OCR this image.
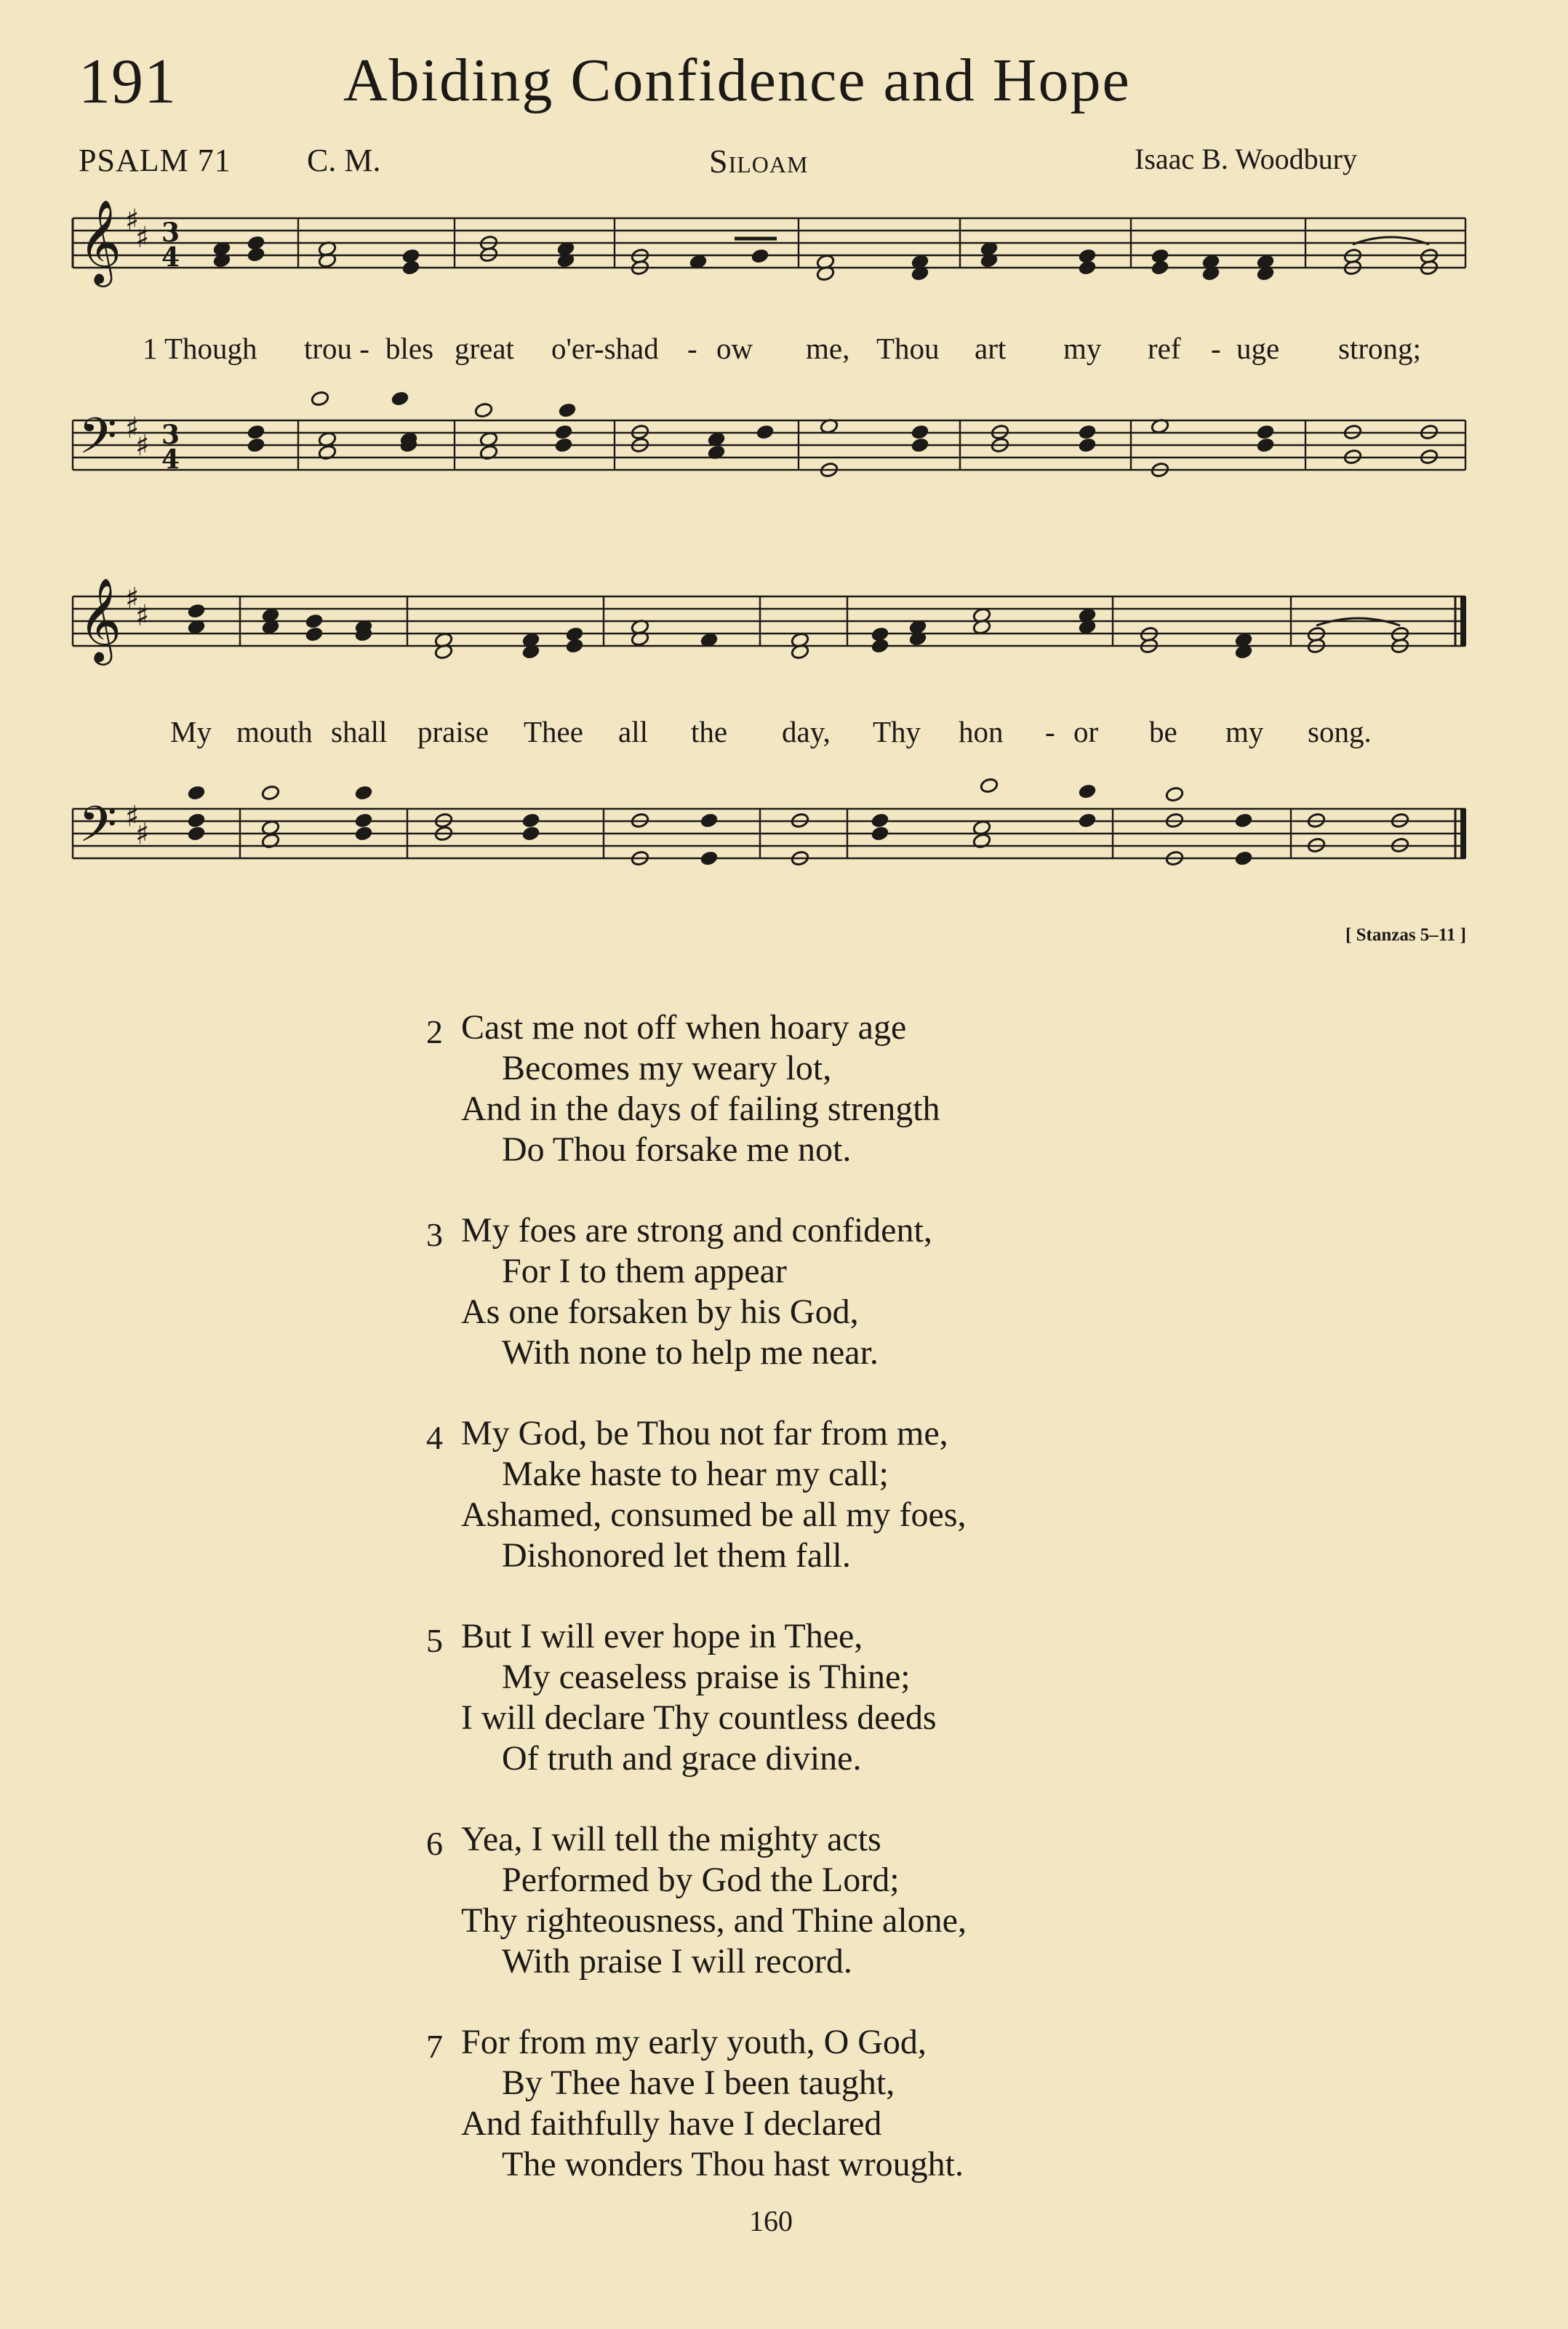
191	Abiding Confidence and Hope
PSALM 71 C. M.	Siloam	Isaac B. Woodbury
𝄞
𝄢
♯
♯
♯
♯
3
4
3
4
𝄞
𝄢
♯
♯
♯
♯
1 Though trou - bles great o'er-shad - ow me, Thou art my ref - uge strong;
My mouth shall praise Thee all the day, Thy hon - or be my song.
[ Stanzas 5–11 ]
2 Cast me not off when hoary age
Becomes my weary lot,
And in the days of failing strength
Do Thou forsake me not.
3 My foes are strong and confident,
For I to them appear
As one forsaken by his God,
With none to help me near.
4 My God, be Thou not far from me,
Make haste to hear my call;
Ashamed, consumed be all my foes,
Dishonored let them fall.
5 But I will ever hope in Thee,
My ceaseless praise is Thine;
I will declare Thy countless deeds
Of truth and grace divine.
6 Yea, I will tell the mighty acts
Performed by God the Lord;
Thy righteousness, and Thine alone,
With praise I will record.
7 For from my early youth, O God,
By Thee have I been taught,
And faithfully have I declared
The wonders Thou hast wrought.
160
